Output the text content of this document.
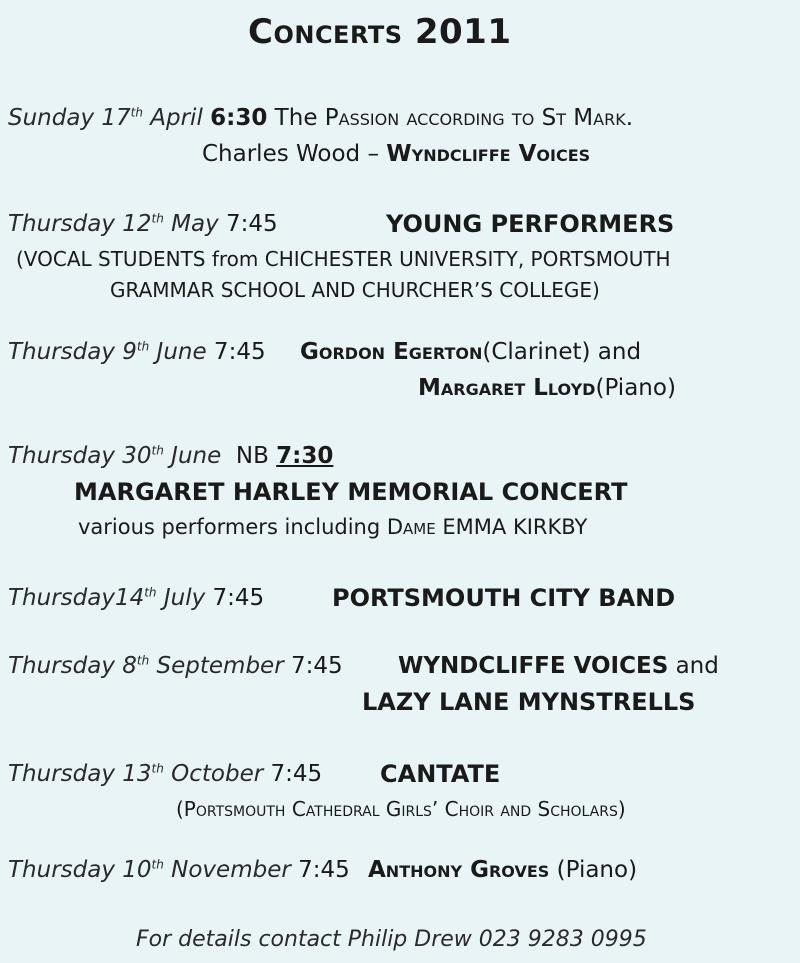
Concerts 2011
Sunday 17th April 6:30 The Passion according to St Mark.
Charles Wood – Wyndcliffe Voices
Thursday 12th May 7:45	YOUNG PERFORMERS
(VOCAL STUDENTS from CHICHESTER UNIVERSITY, PORTSMOUTH
GRAMMAR SCHOOL AND CHURCHER’S COLLEGE)
Thursday 9th June 7:45 Gordon Egerton(Clarinet) and
Margaret Lloyd(Piano)
Thursday 30th June NB 7:30
MARGARET HARLEY MEMORIAL CONCERT
various performers including Dame EMMA KIRKBY
Thursday14th July 7:45	PORTSMOUTH CITY BAND
Thursday 8th September 7:45 WYNDCLIFFE VOICES and
LAZY LANE MYNSTRELLS
Thursday 13th October 7:45 CANTATE
(Portsmouth Cathedral Girls’ Choir and Scholars)
Thursday 10th November 7:45 Anthony Groves (Piano)
For details contact Philip Drew 023 9283 0995
